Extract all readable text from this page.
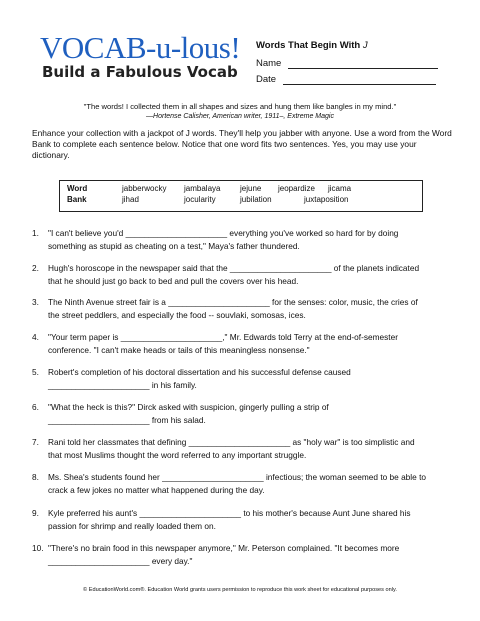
VOCAB-u-lous!
Build a Fabulous Vocab
Words That Begin With J
Name
Date
"The words! I collected them in all shapes and sizes and hung them like bangles in my mind."
—Hortense Calisher, American writer, 1911–, Extreme Magic
Enhance your collection with a jackpot of J words. They'll help you jabber with anyone. Use a word from the Word Bank to complete each sentence below. Notice that one word fits two sentences. Yes, you may use your dictionary.
Word
Bank
jabberwocky jambalaya jejune jeopardize jicama
jihad	jocularity	jubilation	juxtaposition
1. "I can't believe you'd ______________________ everything you've worked so hard for by doing
something as stupid as cheating on a test," Maya's father thundered.
2. Hugh's horoscope in the newspaper said that the ______________________ of the planets indicated
that he should just go back to bed and pull the covers over his head.
3. The Ninth Avenue street fair is a ______________________ for the senses: color, music, the cries of
the street peddlers, and especially the food -- souvlaki, somosas, ices.
4. "Your term paper is ______________________," Mr. Edwards told Terry at the end-of-semester
conference. "I can't make heads or tails of this meaningless nonsense."
5. Robert's completion of his doctoral dissertation and his successful defense caused
______________________ in his family.
6. "What the heck is this?" Dirck asked with suspicion, gingerly pulling a strip of
______________________ from his salad.
7. Rani told her classmates that defining ______________________ as "holy war" is too simplistic and
that most Muslims thought the word referred to any important struggle.
8. Ms. Shea's students found her ______________________ infectious; the woman seemed to be able to
crack a few jokes no matter what happened during the day.
9. Kyle preferred his aunt's ______________________ to his mother's because Aunt June shared his
passion for shrimp and really loaded them on.
10. "There's no brain food in this newspaper anymore," Mr. Peterson complained. "It becomes more
______________________ every day."
© EducationWorld.com®. Education World grants users permission to reproduce this work sheet for educational purposes only.
